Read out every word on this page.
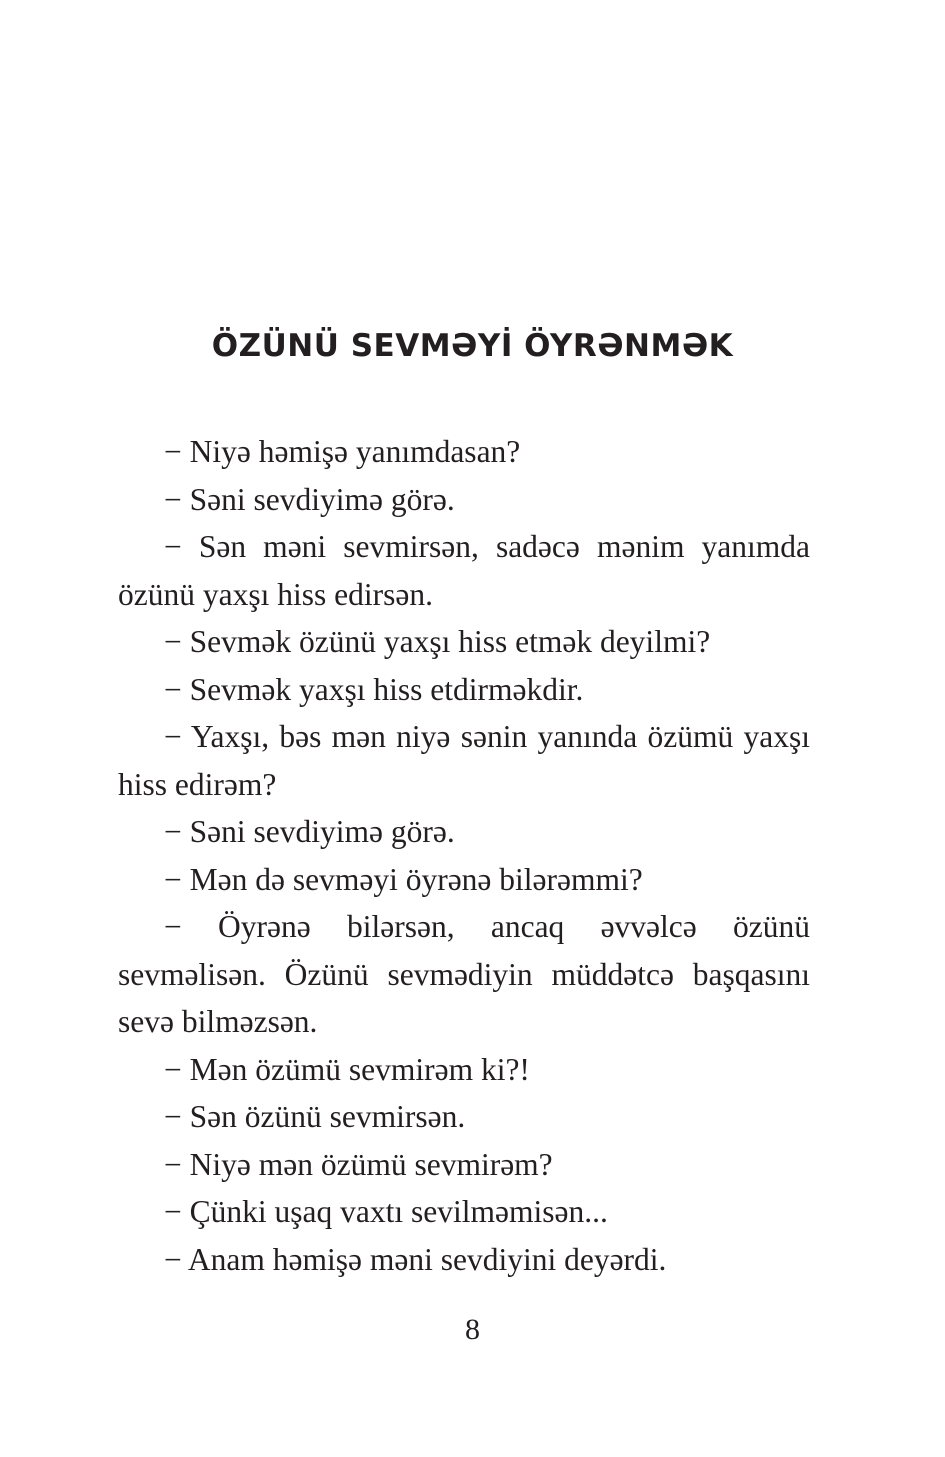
ÖZÜNÜ SEVMƏYİ ÖYRƏNMƏK

− Niyə həmişə yanımdasan?

− Səni sevdiyimə görə.

− Sən məni sevmirsən, sadəcə mənim yanımda özünü yaxşı hiss edirsən.

− Sevmək özünü yaxşı hiss etmək deyilmi?

− Sevmək yaxşı hiss etdirməkdir.

− Yaxşı, bəs mən niyə sənin yanında özümü yaxşı hiss edirəm?

− Səni sevdiyimə görə.

− Mən də sevməyi öyrənə bilərəmmi?

− Öyrənə bilərsən, ancaq əvvəlcə özünü sevməlisən. Özünü sevmədiyin müddətcə başqasını sevə bilməzsən.

− Mən özümü sevmirəm ki?!

− Sən özünü sevmirsən.

− Niyə mən özümü sevmirəm?

− Çünki uşaq vaxtı sevilməmisən...

− Anam həmişə məni sevdiyini deyərdi.

8
